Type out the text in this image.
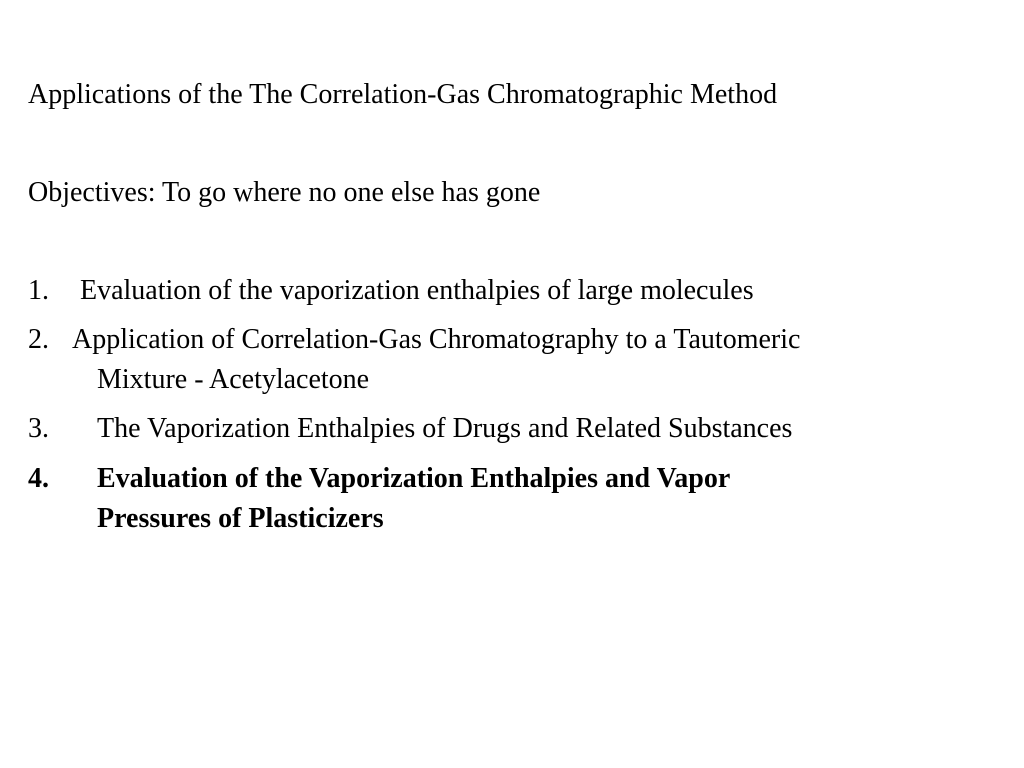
Applications of the The Correlation-Gas Chromatographic Method
Objectives: To go where no one else has gone
1.	Evaluation of the vaporization enthalpies of large molecules
2. Application of Correlation-Gas Chromatography to a Tautomeric
Mixture - Acetylacetone
3.	The Vaporization Enthalpies of Drugs and Related Substances
4. Evaluation of the Vaporization Enthalpies and Vapor
Pressures of Plasticizers
